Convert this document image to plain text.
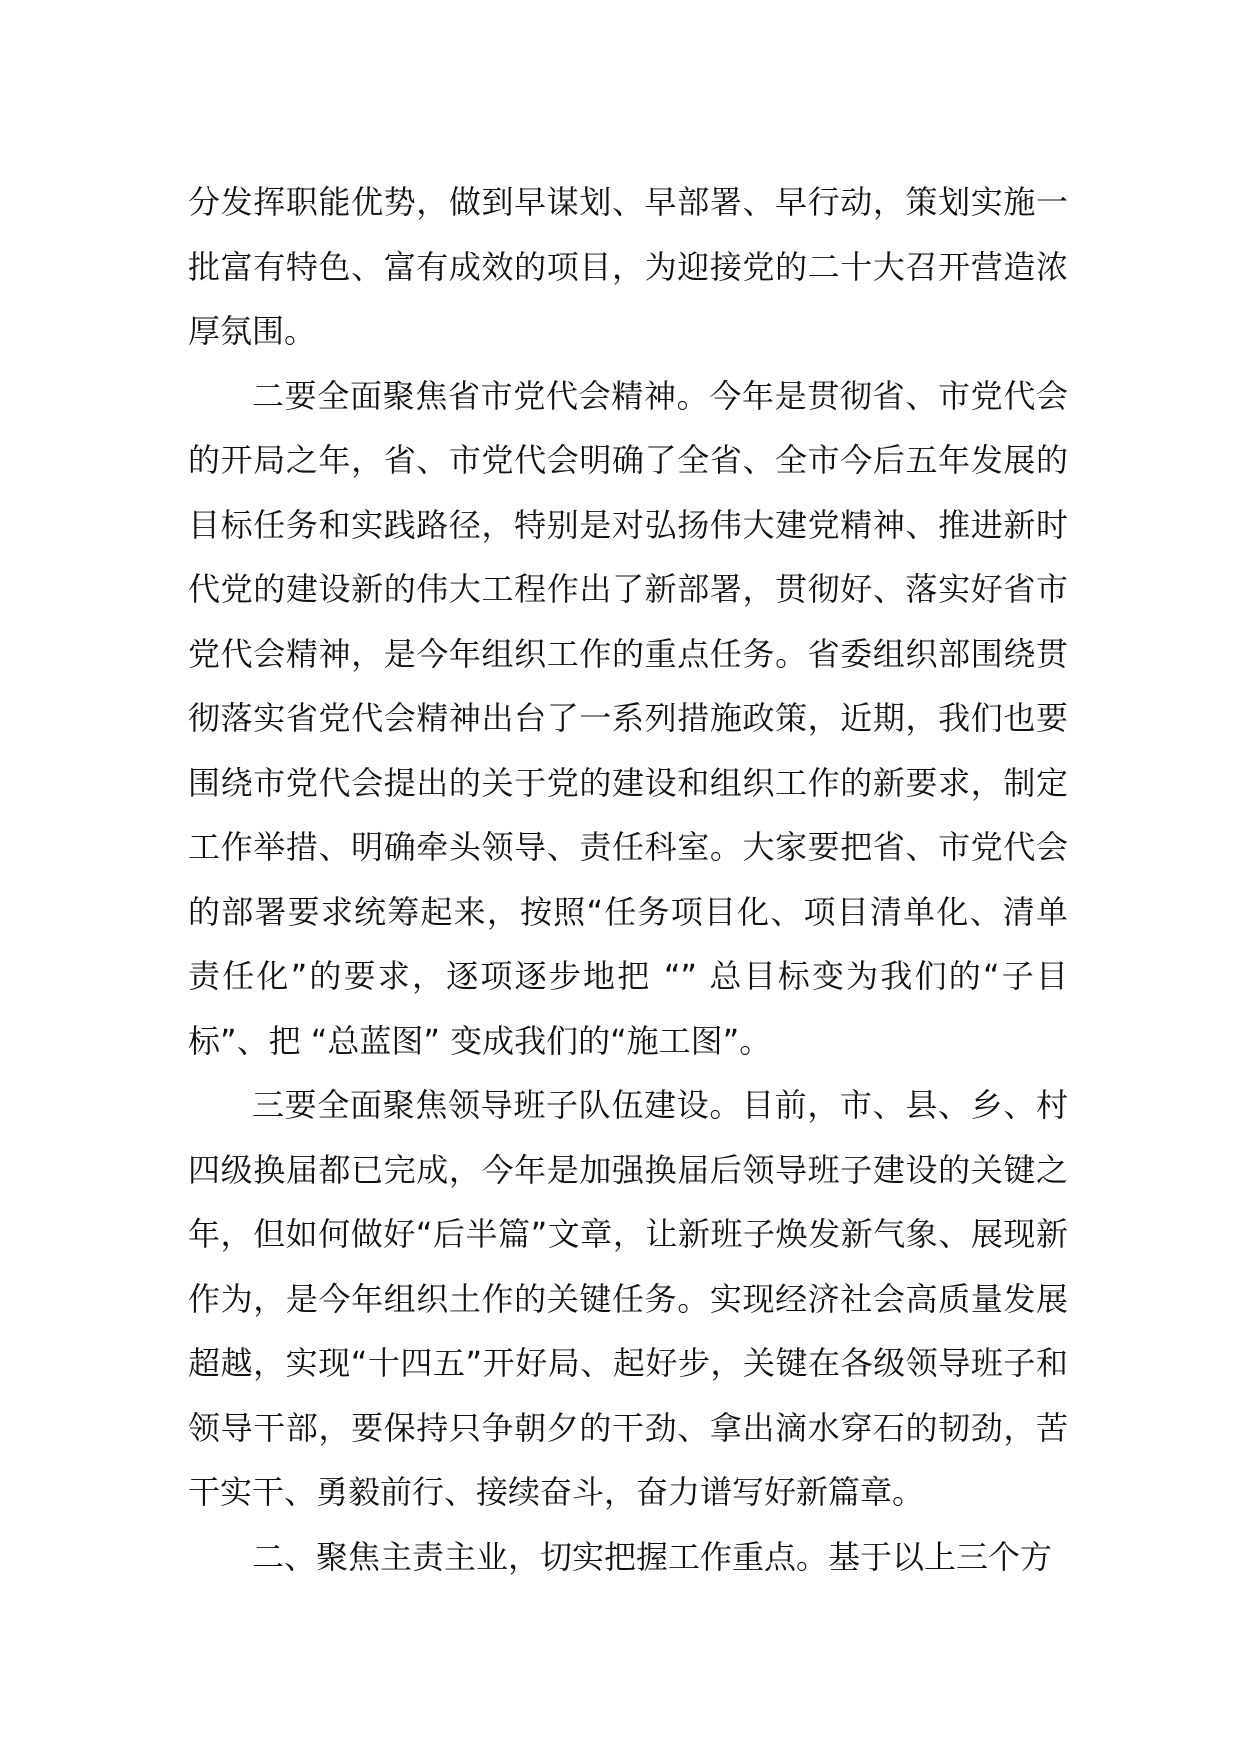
分发挥职能优势，做到早谋划、早部署、早行动，策划实施一批富有特色、富有成效的项目，为迎接党的二十大召开营造浓厚氛围。

二要全面聚焦省市党代会精神。今年是贯彻省、市党代会的开局之年，省、市党代会明确了全省、全市今后五年发展的目标任务和实践路径，特别是对弘扬伟大建党精神、推进新时代党的建设新的伟大工程作出了新部署，贯彻好、落实好省市党代会精神，是今年组织工作的重点任务。省委组织部围绕贯彻落实省党代会精神出台了一系列措施政策，近期，我们也要围绕市党代会提出的关于党的建设和组织工作的新要求，制定工作举措、明确牵头领导、责任科室。大家要把省、市党代会的部署要求统筹起来，按照“任务项目化、项目清单化、清单责任化”的要求，逐项逐步地把 “” 总目标变为我们的“子目标”、把 “总蓝图” 变成我们的“施工图”。

三要全面聚焦领导班子队伍建设。目前，市、县、乡、村四级换届都已完成，今年是加强换届后领导班子建设的关键之年，但如何做好“后半篇”文章，让新班子焕发新气象、展现新作为，是今年组织土作的关键任务。实现经济社会高质量发展超越，实现“十四五”开好局、起好步，关键在各级领导班子和领导干部，要保持只争朝夕的干劲、拿出滴水穿石的韧劲，苦干实干、勇毅前行、接续奋斗，奋力谱写好新篇章。

二、聚焦主责主业，切实把握工作重点。基于以上三个方
